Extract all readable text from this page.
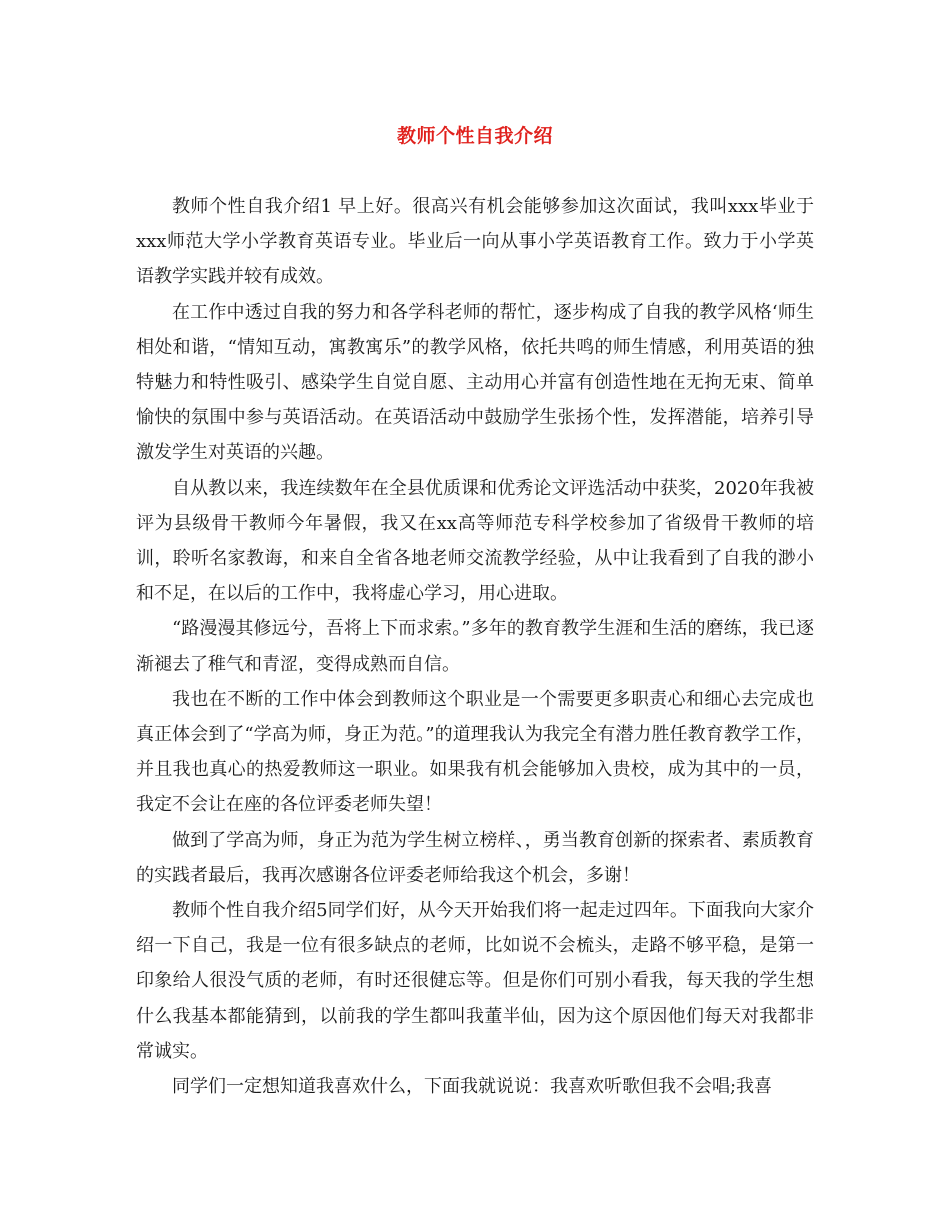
教师个性自我介绍

教师个性自我介绍1 早上好。很高兴有机会能够参加这次面试，我叫xxx毕业于xxx师范大学小学教育英语专业。毕业后一向从事小学英语教育工作。致力于小学英语教学实践并较有成效。

在工作中透过自我的努力和各学科老师的帮忙，逐步构成了自我的教学风格‘师生相处和谐，“情知互动，寓教寓乐”的教学风格，依托共鸣的师生情感，利用英语的独特魅力和特性吸引、感染学生自觉自愿、主动用心并富有创造性地在无拘无束、简单愉快的氛围中参与英语活动。在英语活动中鼓励学生张扬个性，发挥潜能，培养引导激发学生对英语的兴趣。

自从教以来，我连续数年在全县优质课和优秀论文评选活动中获奖，2020年我被评为县级骨干教师今年暑假，我又在xx高等师范专科学校参加了省级骨干教师的培训，聆听名家教诲，和来自全省各地老师交流教学经验，从中让我看到了自我的渺小和不足，在以后的工作中，我将虚心学习，用心进取。

“路漫漫其修远兮，吾将上下而求索。”多年的教育教学生涯和生活的磨练，我已逐渐褪去了稚气和青涩，变得成熟而自信。

我也在不断的工作中体会到教师这个职业是一个需要更多职责心和细心去完成也真正体会到了“学高为师，身正为范。”的道理我认为我完全有潜力胜任教育教学工作，并且我也真心的热爱教师这一职业。如果我有机会能够加入贵校，成为其中的一员，我定不会让在座的各位评委老师失望！

做到了学高为师，身正为范为学生树立榜样、，勇当教育创新的探索者、素质教育的实践者最后，我再次感谢各位评委老师给我这个机会，多谢！

教师个性自我介绍5同学们好，从今天开始我们将一起走过四年。下面我向大家介绍一下自己，我是一位有很多缺点的老师，比如说不会梳头，走路不够平稳，是第一印象给人很没气质的老师，有时还很健忘等。但是你们可别小看我，每天我的学生想什么我基本都能猜到，以前我的学生都叫我董半仙，因为这个原因他们每天对我都非常诚实。

同学们一定想知道我喜欢什么，下面我就说说：我喜欢听歌但我不会唱;我喜
